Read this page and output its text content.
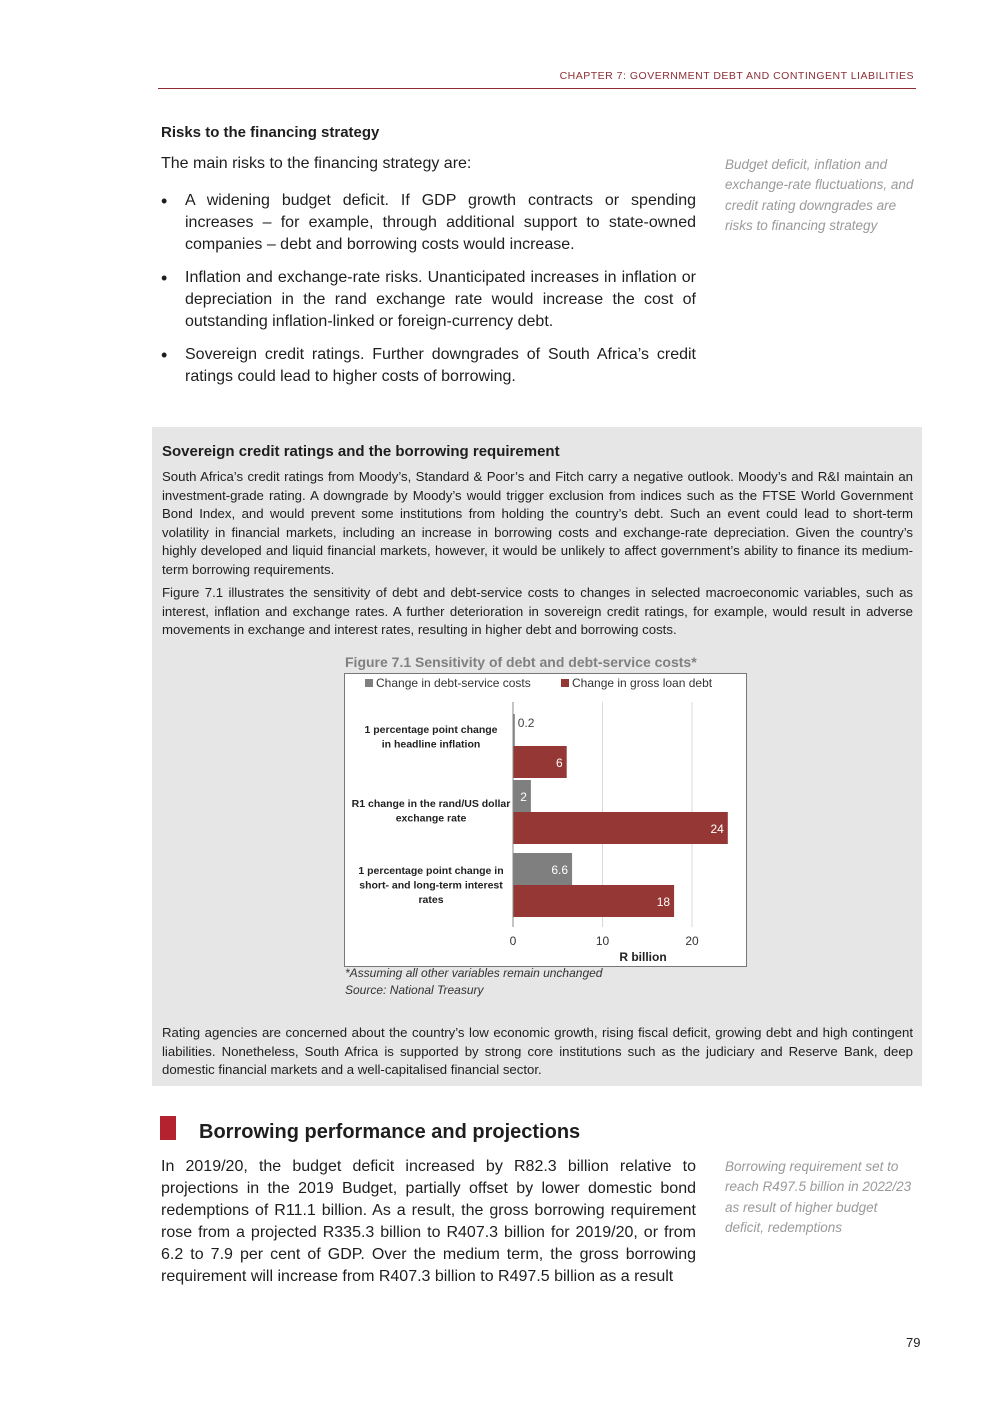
CHAPTER 7: GOVERNMENT DEBT AND CONTINGENT LIABILITIES
Risks to the financing strategy
The main risks to the financing strategy are:
• A widening budget deficit. If GDP growth contracts or spending increases – for example, through additional support to state-owned companies – debt and borrowing costs would increase.
• Inflation and exchange-rate risks. Unanticipated increases in inflation or depreciation in the rand exchange rate would increase the cost of outstanding inflation-linked or foreign-currency debt.
• Sovereign credit ratings. Further downgrades of South Africa’s credit ratings could lead to higher costs of borrowing.
Budget deficit, inflation and exchange-rate fluctuations, and credit rating downgrades are risks to financing strategy
Sovereign credit ratings and the borrowing requirement

South Africa’s credit ratings from Moody’s, Standard & Poor’s and Fitch carry a negative outlook. Moody’s and R&I maintain an investment-grade rating. A downgrade by Moody’s would trigger exclusion from indices such as the FTSE World Government Bond Index, and would prevent some institutions from holding the country’s debt. Such an event could lead to short-term volatility in financial markets, including an increase in borrowing costs and exchange-rate depreciation. Given the country’s highly developed and liquid financial markets, however, it would be unlikely to affect government’s ability to finance its medium-term borrowing requirements.

Figure 7.1 illustrates the sensitivity of debt and debt-service costs to changes in selected macroeconomic variables, such as interest, inflation and exchange rates. A further deterioration in sovereign credit ratings, for example, would result in adverse movements in exchange and interest rates, resulting in higher debt and borrowing costs.

Rating agencies are concerned about the country’s low economic growth, rising fiscal deficit, growing debt and high contingent liabilities. Nonetheless, South Africa is supported by strong core institutions such as the judiciary and Reserve Bank, deep domestic financial markets and a well-capitalised financial sector.

Figure 7.1 Sensitivity of debt and debt-service costs*
Change in debt-service costs	Change in gross loan debt
0.2
6
2
24
6.6
18
1 percentage point change
in headline inflation
R1 change in the rand/US dollar
exchange rate
1 percentage point change in
short- and long-term interest
rates
0	10	20
R billion
*Assuming all other variables remain unchanged
Source: National Treasury
Borrowing performance and projections

In 2019/20, the budget deficit increased by R82.3 billion relative to projections in the 2019 Budget, partially offset by lower domestic bond redemptions of R11.1 billion. As a result, the gross borrowing requirement rose from a projected R335.3 billion to R407.3 billion for 2019/20, or from 6.2 to 7.9 per cent of GDP. Over the medium term, the gross borrowing requirement will increase from R407.3 billion to R497.5 billion as a result

Borrowing requirement set to reach R497.5 billion in 2022/23 as result of higher budget deficit, redemptions
79
